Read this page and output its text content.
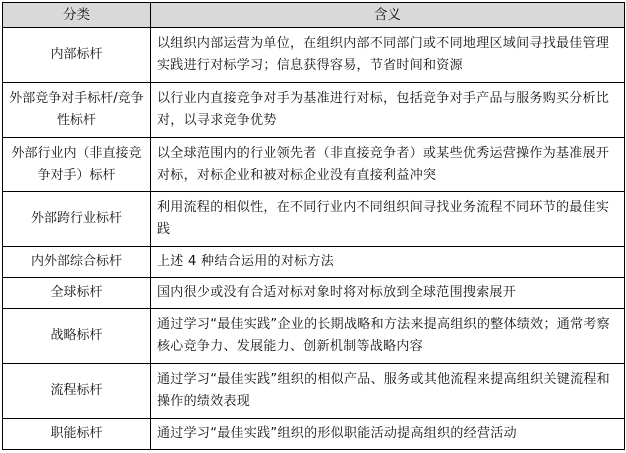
分类	含义
内部标杆	以组织内部运营为单位，在组织内部不同部门或不同地理区域间寻找最佳管理实践进行对标学习；信息获得容易，节省时间和资源
外部竞争对手标杆/竞争性标杆	以行业内直接竞争对手为基准进行对标，包括竞争对手产品与服务购买分析比对，以寻求竞争优势
外部行业内（非直接竞争对手）标杆	以全球范围内的行业领先者（非直接竞争者）或某些优秀运营操作为基准展开对标，对标企业和被对标企业没有直接利益冲突
外部跨行业标杆	利用流程的相似性，在不同行业内不同组织间寻找业务流程不同环节的最佳实践
内外部综合标杆	上述 4 种结合运用的对标方法
全球标杆	国内很少或没有合适对标对象时将对标放到全球范围搜索展开
战略标杆	通过学习“最佳实践”企业的长期战略和方法来提高组织的整体绩效；通常考察核心竞争力、发展能力、创新机制等战略内容
流程标杆	通过学习“最佳实践”组织的相似产品、服务或其他流程来提高组织关键流程和操作的绩效表现
职能标杆	通过学习“最佳实践”组织的形似职能活动提高组织的经营活动
